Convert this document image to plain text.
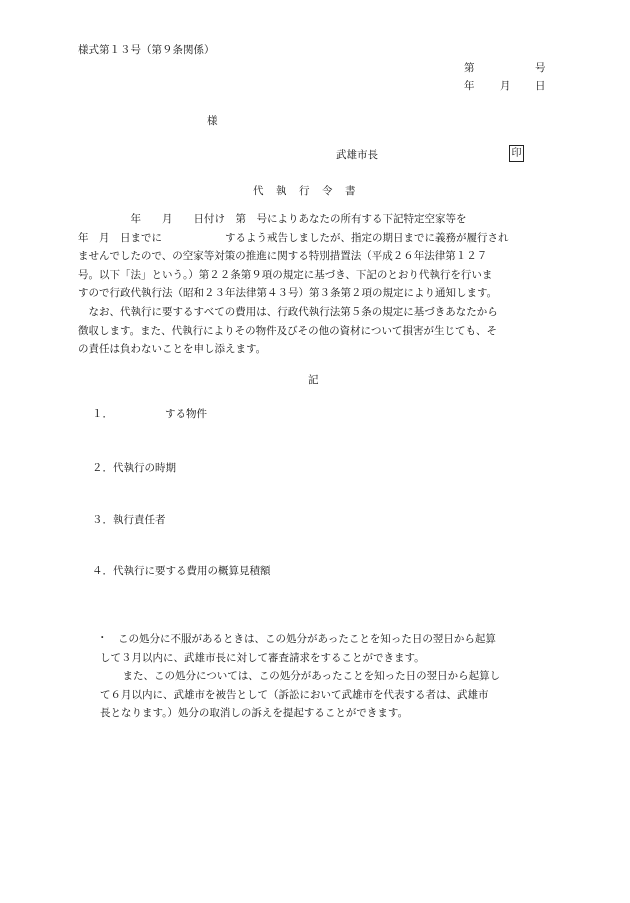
様式第１３号（第９条関係）
第	号
年 月 日
様
武雄市長	印
代　執　行　令　書
　年　　月　　日付け　第　号によりあなたの所有する下記特定空家等を
年　月　日までに　　　　　　するよう戒告しましたが、指定の期日までに義務が履行され
ませんでしたので、の空家等対策の推進に関する特別措置法（平成２６年法律第１２７
号。以下「法」という。）第２２条第９項の規定に基づき、下記のとおり代執行を行いま
すので行政代執行法（昭和２３年法律第４３号）第３条第２項の規定により通知します。
　なお、代執行に要するすべての費用は、行政代執行法第５条の規定に基づきあなたから
徴収します。また、代執行によりその物件及びその他の資材について損害が生じても、そ
の責任は負わないことを申し添えます。
記
１．	する物件
２．代執行の時期
３．執行責任者
４．代執行に要する費用の概算見積額
・	この処分に不服があるときは、この処分があったことを知った日の翌日から起算
して３月以内に、武雄市長に対して審査請求をすることができます。
　また、この処分については、この処分があったことを知った日の翌日から起算し
て６月以内に、武雄市を被告として（訴訟において武雄市を代表する者は、武雄市
長となります。）処分の取消しの訴えを提起することができます。
